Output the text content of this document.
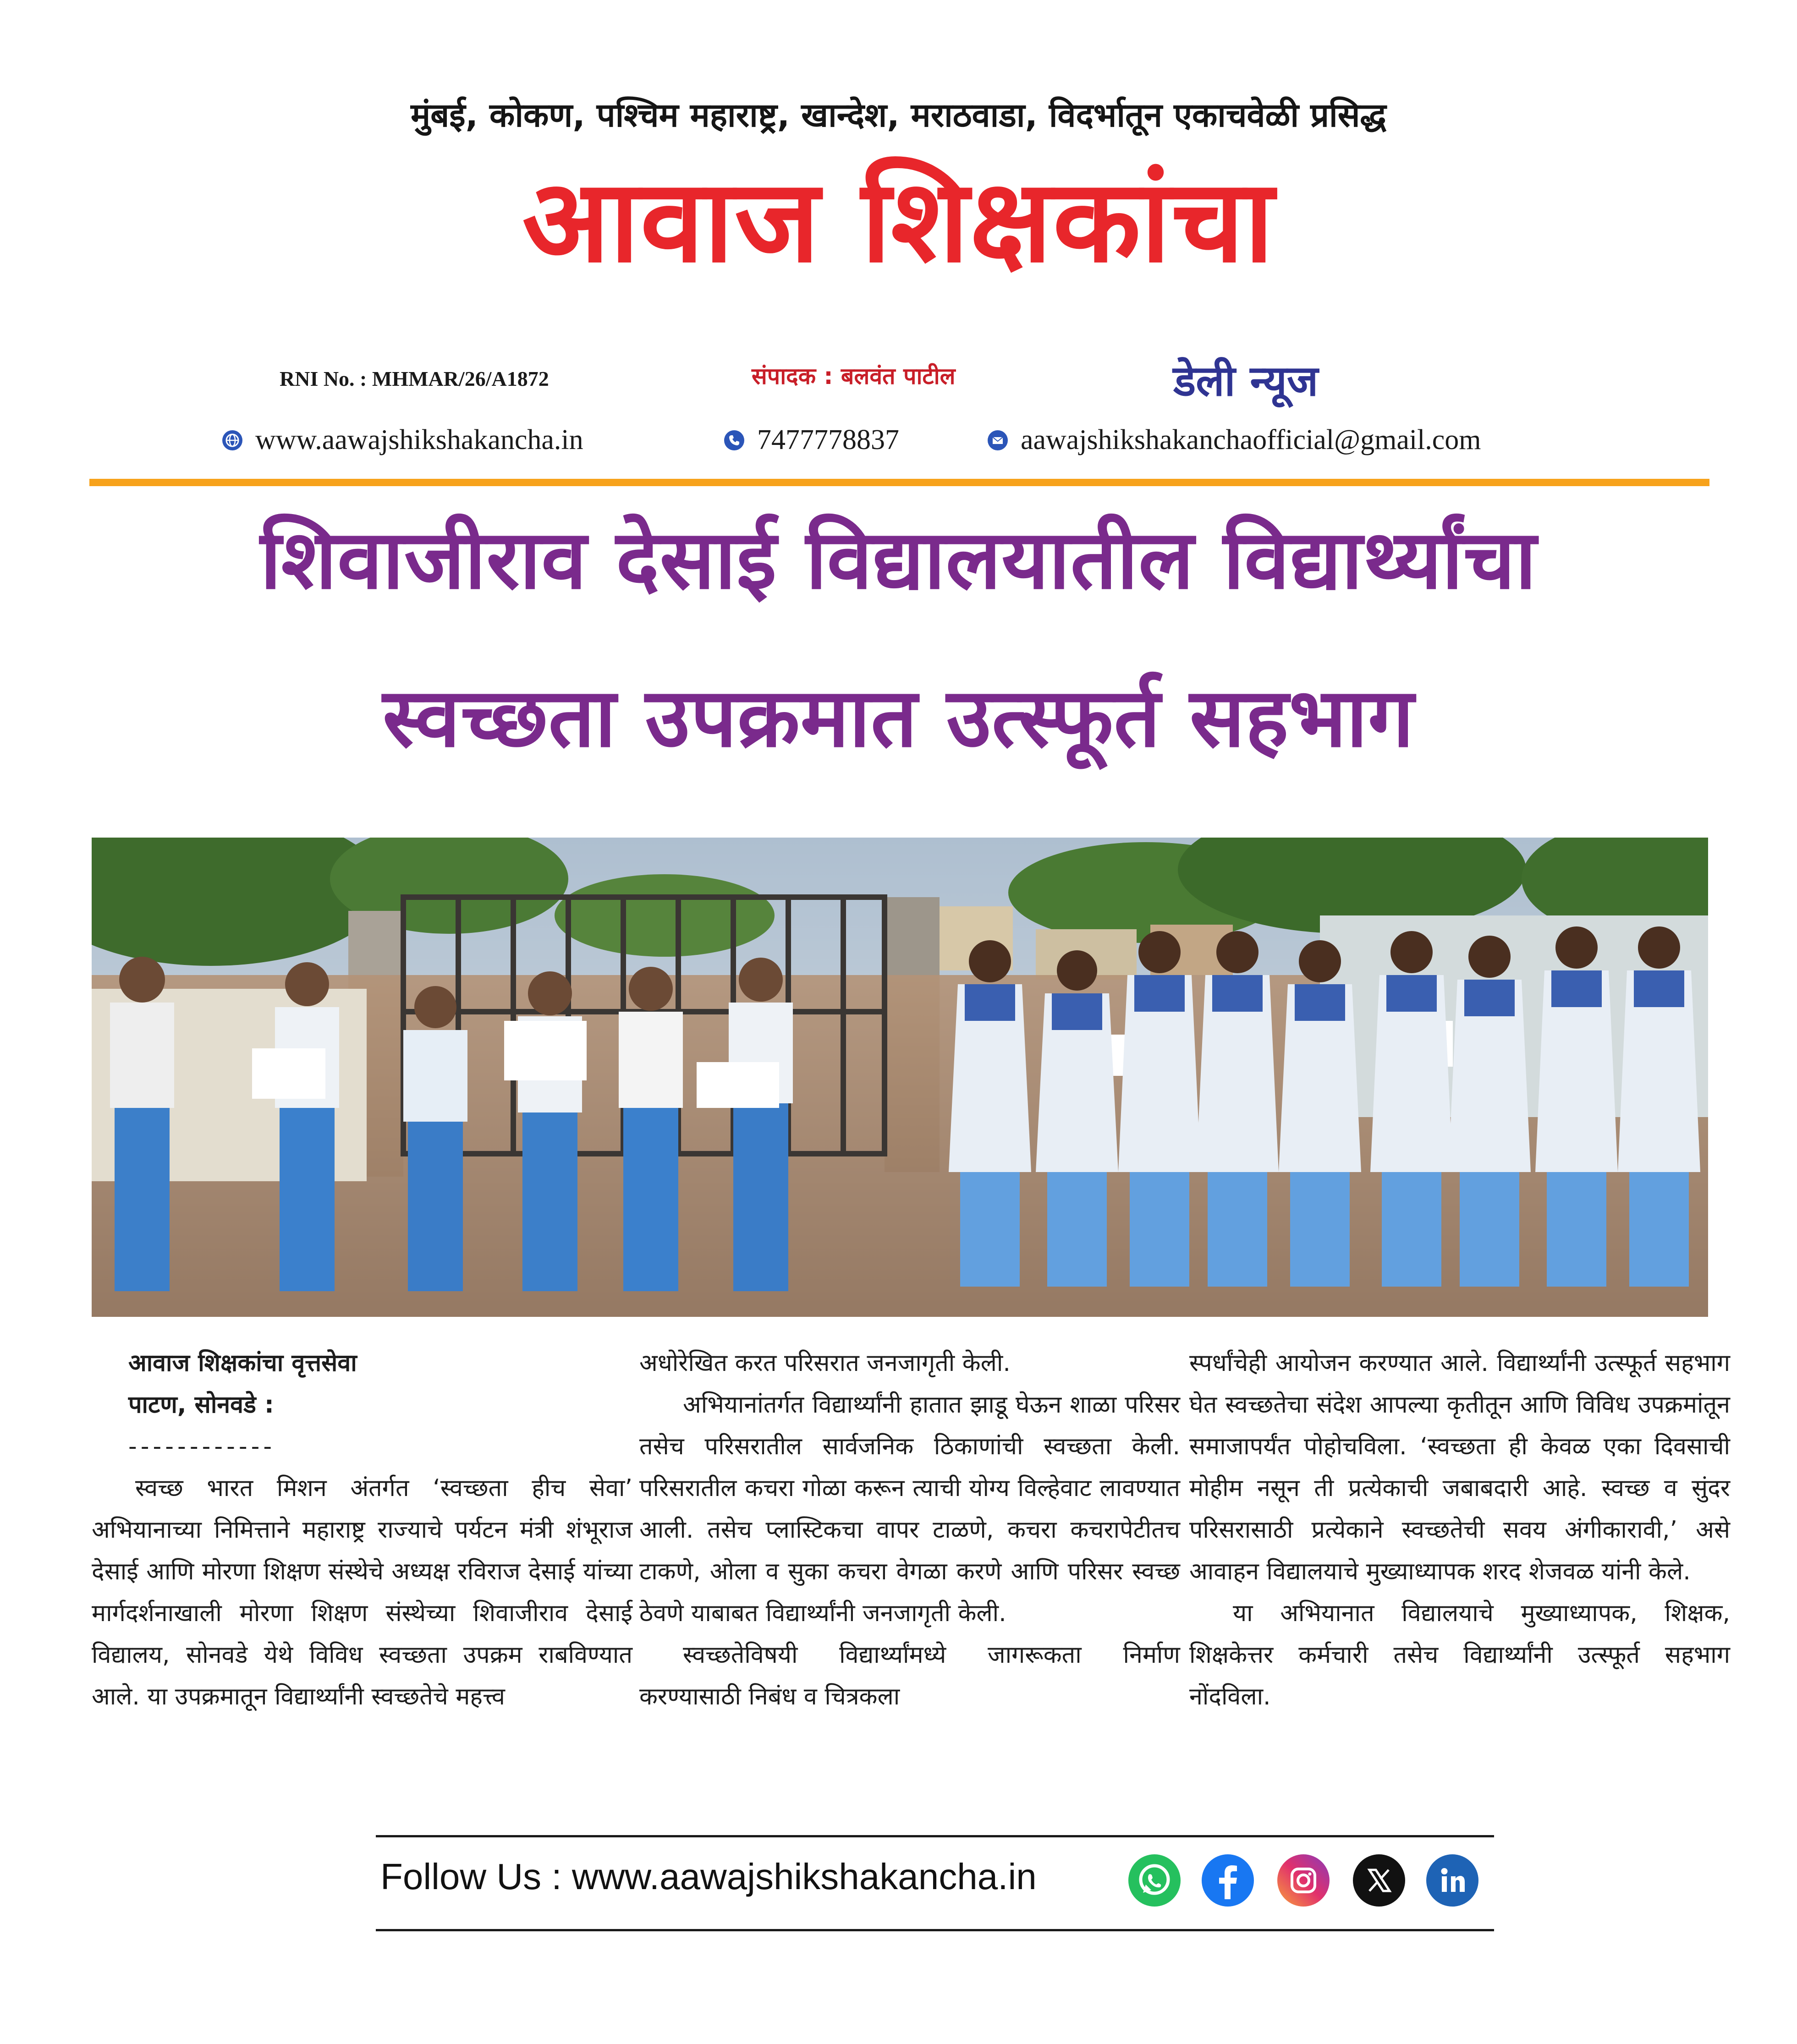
मुंबई, कोकण, पश्चिम महाराष्ट्र, खान्देश, मराठवाडा, विदर्भातून एकाचवेळी प्रसिद्ध
आवाज शिक्षकांचा
RNI No. : MHMAR/26/A1872	संपादक : बलवंत पाटील	डेली न्यूज
www.aawajshikshakancha.in	7477778837	aawajshikshakanchaofficial@gmail.com
शिवाजीराव देसाई विद्यालयातील विद्यार्थ्यांचा
स्वच्छता उपक्रमात उत्स्फूर्त सहभाग

आवाज शिक्षकांचा वृत्तसेवा

पाटण, सोनवडे :

------------

स्वच्छ भारत मिशन अंतर्गत ‘स्वच्छता हीच सेवा’ अभियानाच्या निमित्ताने महाराष्ट्र राज्याचे पर्यटन मंत्री शंभूराज देसाई आणि मोरणा शिक्षण संस्थेचे अध्यक्ष रविराज देसाई यांच्या मार्गदर्शनाखाली मोरणा शिक्षण संस्थेच्या शिवाजीराव देसाई विद्यालय, सोनवडे येथे विविध स्वच्छता उपक्रम राबविण्यात आले. या उपक्रमातून विद्यार्थ्यांनी स्वच्छतेचे महत्त्व

अधोरेखित करत परिसरात जनजागृती केली.

अभियानांतर्गत विद्यार्थ्यांनी हातात झाडू घेऊन शाळा परिसर तसेच परिसरातील सार्वजनिक ठिकाणांची स्वच्छता केली. परिसरातील कचरा गोळा करून त्याची योग्य विल्हेवाट लावण्यात आली. तसेच प्लास्टिकचा वापर टाळणे, कचरा कचरापेटीतच टाकणे, ओला व सुका कचरा वेगळा करणे आणि परिसर स्वच्छ ठेवणे याबाबत विद्यार्थ्यांनी जनजागृती केली.

स्वच्छतेविषयी विद्यार्थ्यांमध्ये जागरूकता निर्माण करण्यासाठी निबंध व चित्रकला

स्पर्धांचेही आयोजन करण्यात आले. विद्यार्थ्यांनी उत्स्फूर्त सहभाग घेत स्वच्छतेचा संदेश आपल्या कृतीतून आणि विविध उपक्रमांतून समाजापर्यंत पोहोचविला. ‘स्वच्छता ही केवळ एका दिवसाची मोहीम नसून ती प्रत्येकाची जबाबदारी आहे. स्वच्छ व सुंदर परिसरासाठी प्रत्येकाने स्वच्छतेची सवय अंगीकारावी,’ असे आवाहन विद्यालयाचे मुख्याध्यापक शरद शेजवळ यांनी केले.

या अभियानात विद्यालयाचे मुख्याध्यापक, शिक्षक, शिक्षकेत्तर कर्मचारी तसेच विद्यार्थ्यांनी उत्स्फूर्त सहभाग नोंदविला.

Follow Us : www.aawajshikshakancha.in
